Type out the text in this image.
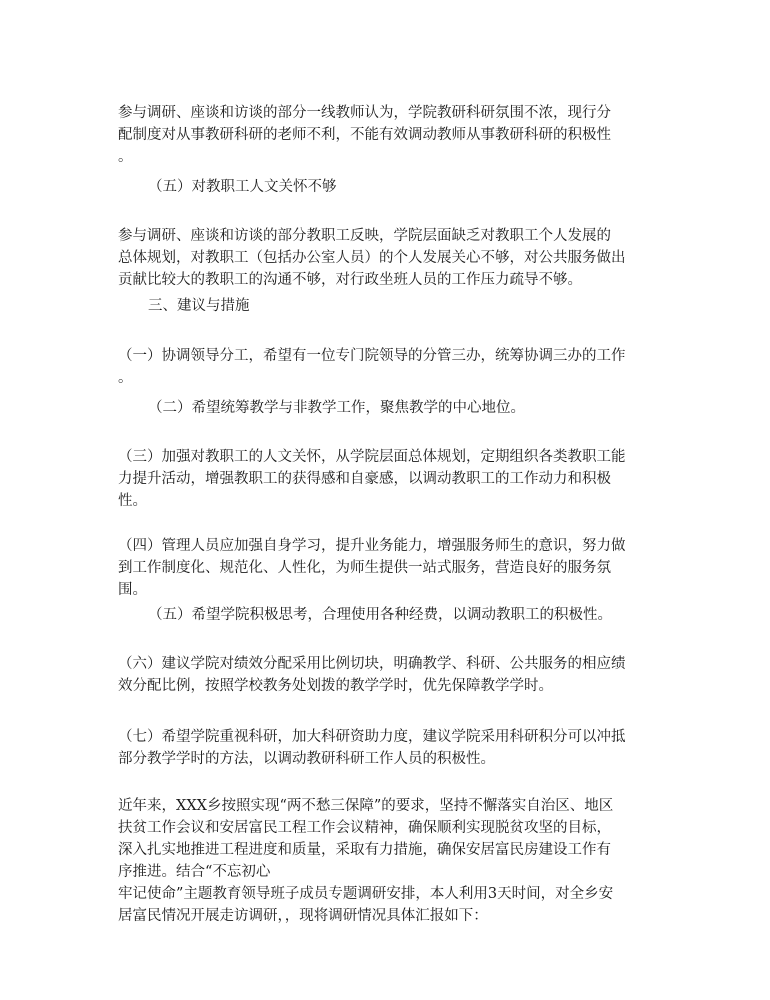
参与调研、座谈和访谈的部分一线教师认为，学院教研科研氛围不浓，现行分
配制度对从事教研科研的老师不利，不能有效调动教师从事教研科研的积极性
。
（五）对教职工人文关怀不够
参与调研、座谈和访谈的部分教职工反映，学院层面缺乏对教职工个人发展的
总体规划，对教职工（包括办公室人员）的个人发展关心不够，对公共服务做出
贡献比较大的教职工的沟通不够，对行政坐班人员的工作压力疏导不够。
三、建议与措施
（一）协调领导分工，希望有一位专门院领导的分管三办，统筹协调三办的工作
。
（二）希望统筹教学与非教学工作，聚焦教学的中心地位。
（三）加强对教职工的人文关怀，从学院层面总体规划，定期组织各类教职工能
力提升活动，增强教职工的获得感和自豪感，以调动教职工的工作动力和积极
性。
（四）管理人员应加强自身学习，提升业务能力，增强服务师生的意识，努力做
到工作制度化、规范化、人性化，为师生提供一站式服务，营造良好的服务氛
围。
（五）希望学院积极思考，合理使用各种经费，以调动教职工的积极性。
（六）建议学院对绩效分配采用比例切块，明确教学、科研、公共服务的相应绩
效分配比例，按照学校教务处划拨的教学学时，优先保障教学学时。
（七）希望学院重视科研，加大科研资助力度，建议学院采用科研积分可以冲抵
部分教学学时的方法，以调动教研科研工作人员的积极性。
近年来，XXX乡按照实现“两不愁三保障”的要求，坚持不懈落实自治区、地区
扶贫工作会议和安居富民工程工作会议精神，确保顺利实现脱贫攻坚的目标，
深入扎实地推进工程进度和质量，采取有力措施，确保安居富民房建设工作有
序推进。结合“不忘初心
牢记使命”主题教育领导班子成员专题调研安排，本人利用3天时间，对全乡安
居富民情况开展走访调研，，现将调研情况具体汇报如下：
